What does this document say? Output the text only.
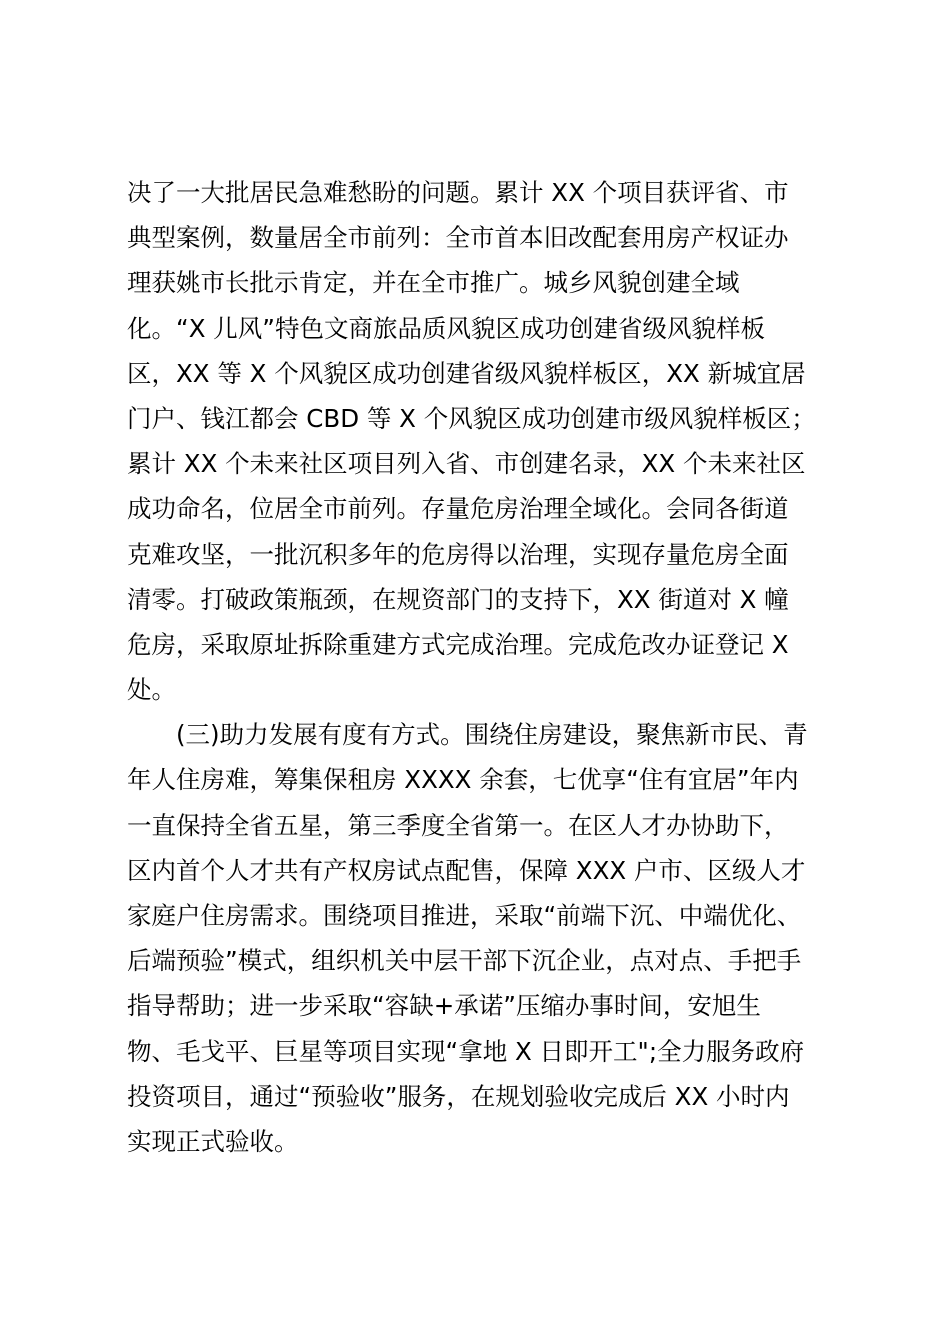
决了一大批居民急难愁盼的问题。累计 XX 个项目获评省、市
典型案例，数量居全市前列：全市首本旧改配套用房产权证办
理获姚市长批示肯定，并在全市推广。城乡风貌创建全域
化。“X 儿风”特色文商旅品质风貌区成功创建省级风貌样板
区，XX 等 X 个风貌区成功创建省级风貌样板区，XX 新城宜居
门户、钱江都会 CBD 等 X 个风貌区成功创建市级风貌样板区；
累计 XX 个未来社区项目列入省、市创建名录，XX 个未来社区
成功命名，位居全市前列。存量危房治理全域化。会同各街道
克难攻坚，一批沉积多年的危房得以治理，实现存量危房全面
清零。打破政策瓶颈，在规资部门的支持下，XX 街道对 X 幢
危房，采取原址拆除重建方式完成治理。完成危改办证登记 X
处。
　　(三)助力发展有度有方式。围绕住房建设，聚焦新市民、青
年人住房难，筹集保租房 XXXX 余套，七优享“住有宜居”年内
一直保持全省五星，第三季度全省第一。在区人才办协助下，
区内首个人才共有产权房试点配售，保障 XXX 户市、区级人才
家庭户住房需求。围绕项目推进，采取“前端下沉、中端优化、
后端预验”模式，组织机关中层干部下沉企业，点对点、手把手
指导帮助；进一步采取“容缺+承诺”压缩办事时间，安旭生
物、毛戈平、巨星等项目实现“拿地 X 日即开工";全力服务政府
投资项目，通过“预验收”服务，在规划验收完成后 XX 小时内
实现正式验收。
